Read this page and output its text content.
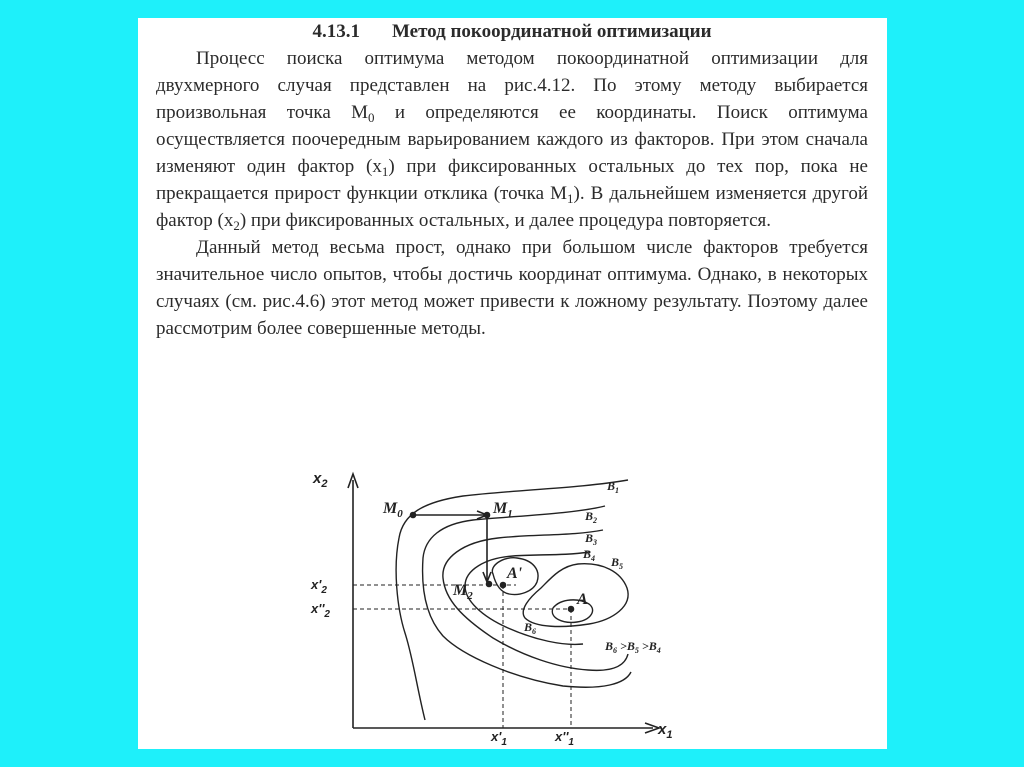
4.13.1 Метод покоординатной оптимизации

Процесс поиска оптимума методом покоординатной оптимизации для двухмерного случая представлен на рис.4.12. По этому методу выбирается произвольная точка $М_0$ и определяются ее координаты. Поиск оптимума осуществляется поочередным варьированием каждого из факторов. При этом сначала изменяют один фактор $(х_1)$ при фиксированных остальных до тех пор, пока не прекращается прирост функции отклика (точка $М_1$). В дальнейшем изменяется другой фактор $(х_2)$ при фиксированных остальных, и далее процедура повторяется.

Данный метод весьма прост, однако при большом числе факторов требуется значительное число опытов, чтобы достичь координат оптимума. Однако, в некоторых случаях (см. рис.4.6) этот метод может привести к ложному результату. Поэтому далее рассмотрим более совершенные методы.

$x_2$
$x_1$
$x'_2$
$x''_2$
$x'_1$	$x''_1$
$M_0$	$M_1$
$M_2$
A'
A
$B_1$
$B_2$
$B_3$
$B_4$ $B_5$
$B_6$
$B_6 >B_5 >B_4$
